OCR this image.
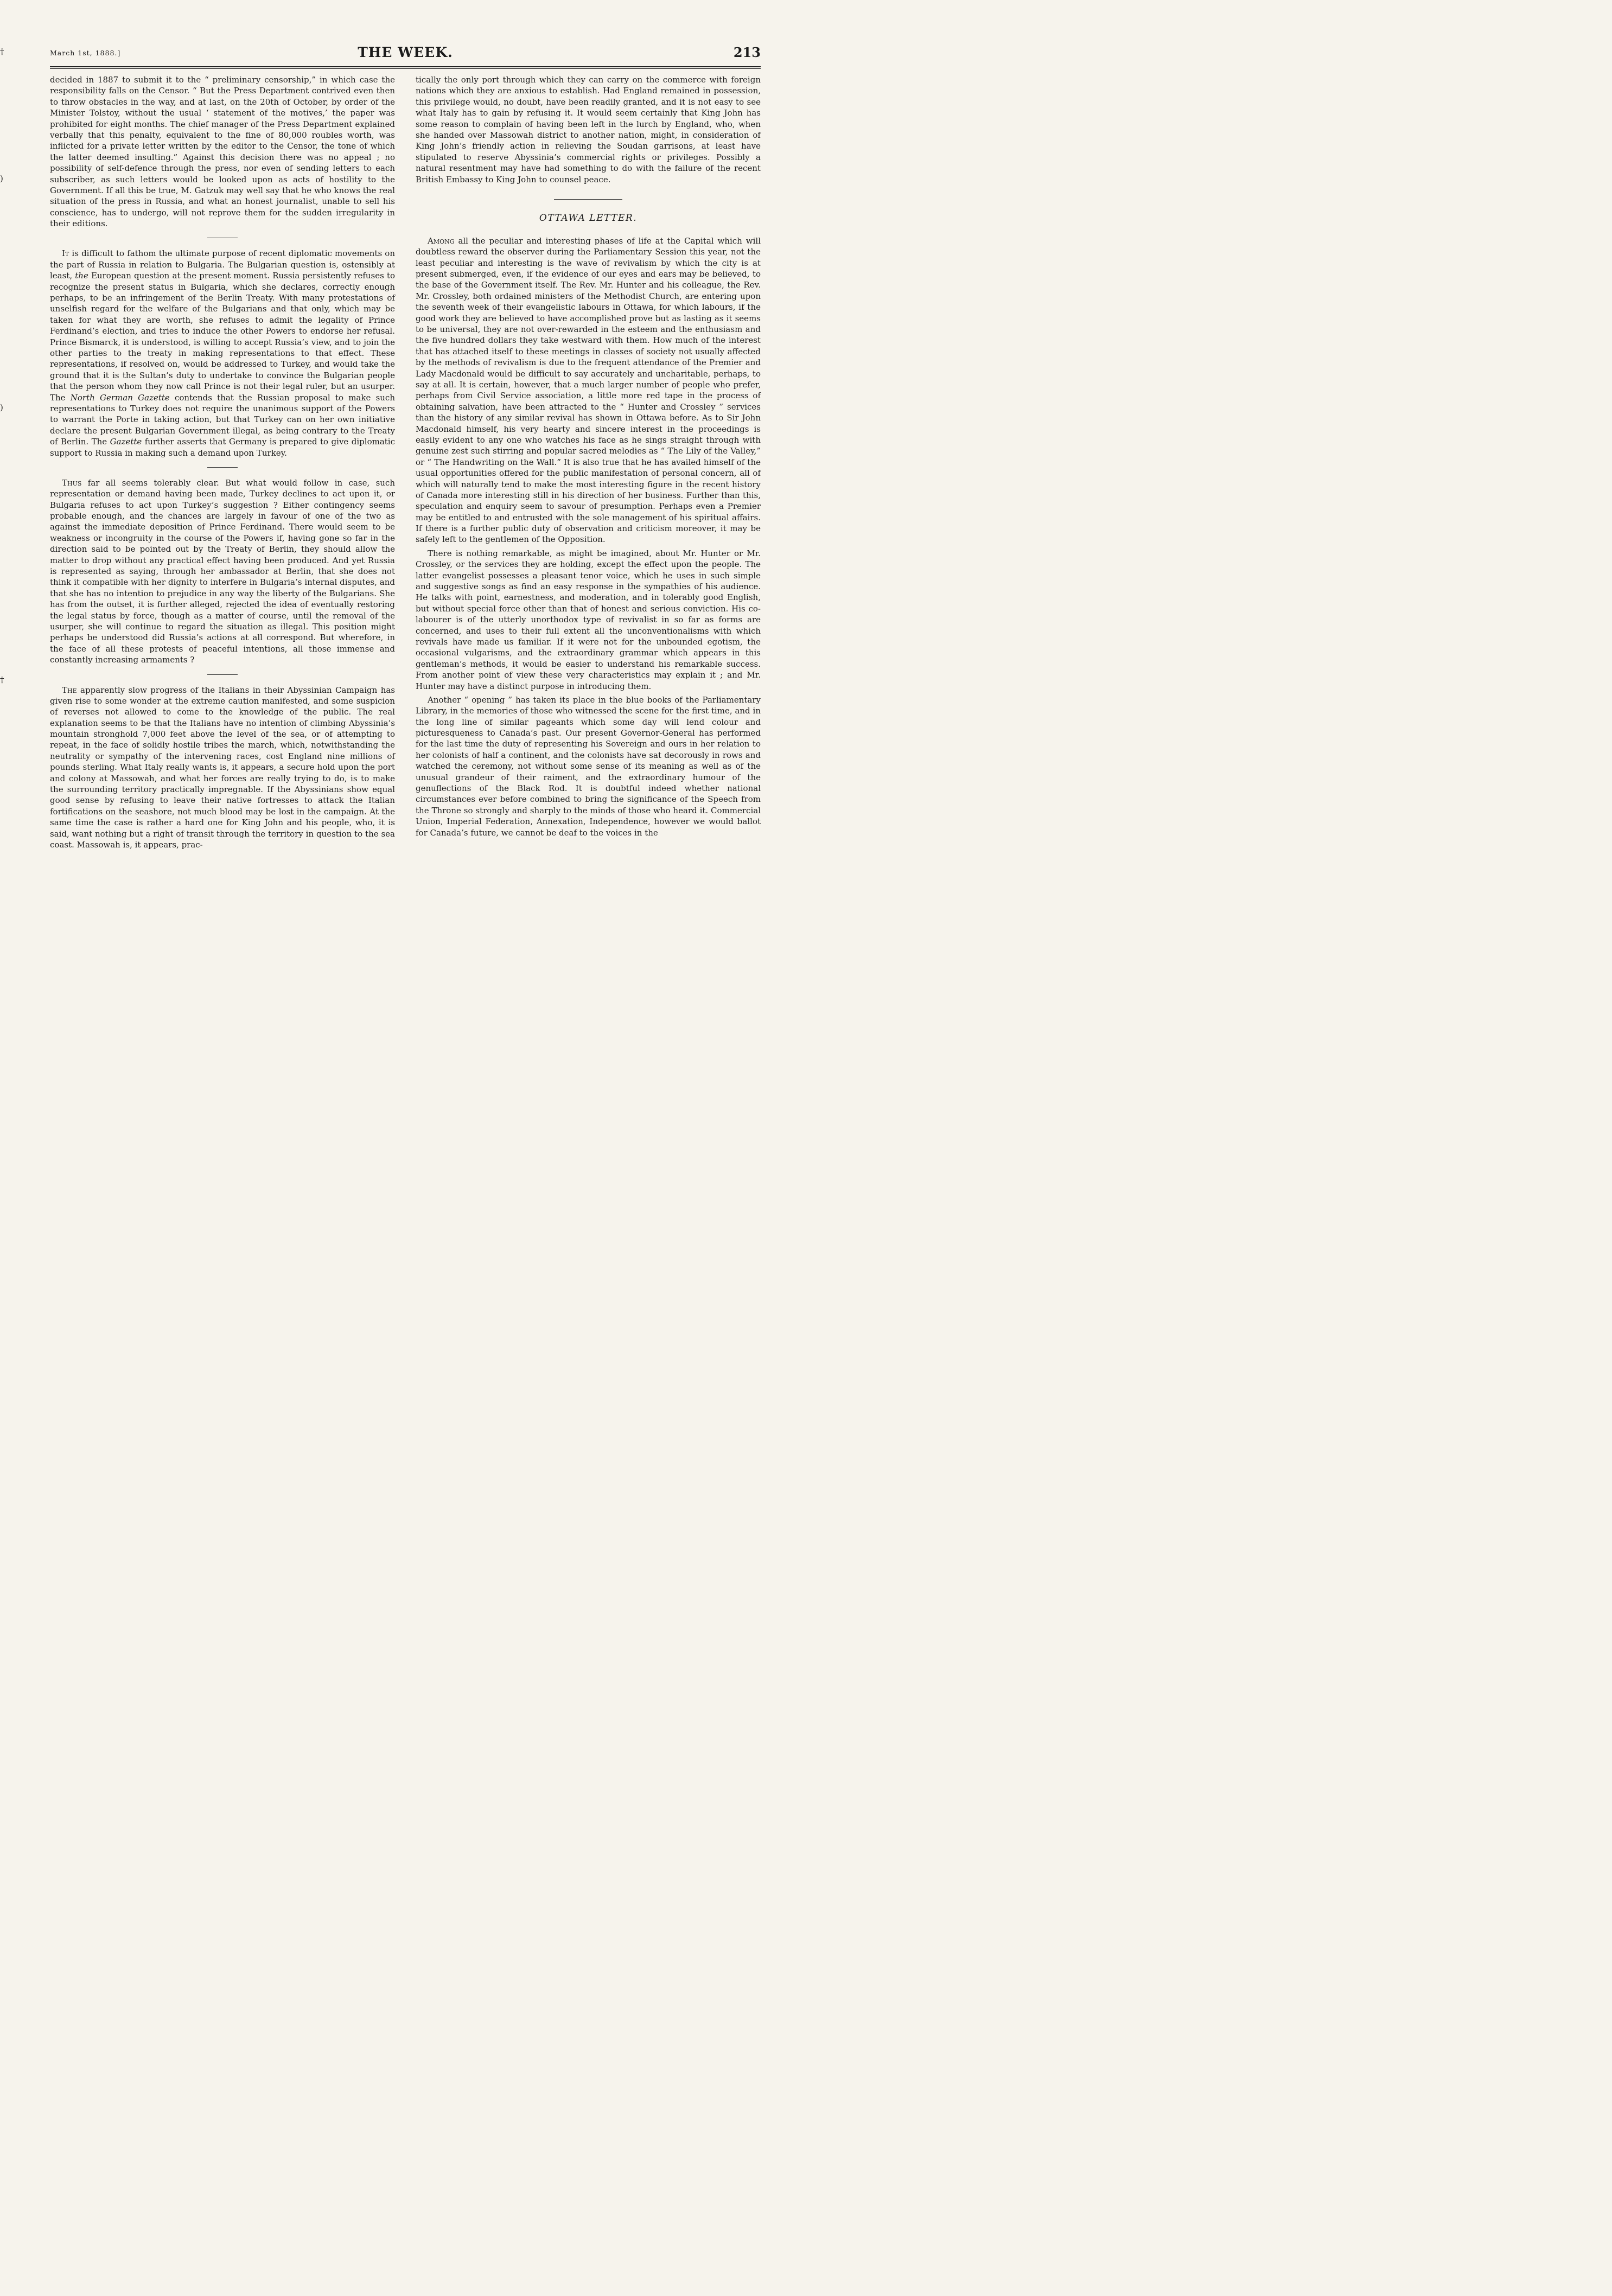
†
)
)
†
March 1st, 1888.]	THE WEEK.	213

decided in 1887 to submit it to the “ preliminary censorship,” in which case the responsibility falls on the Censor. “ But the Press Department contrived even then to throw obstacles in the way, and at last, on the 20th of October, by order of the Minister Tolstoy, without the usual ‘ statement of the motives,’ the paper was prohibited for eight months. The chief manager of the Press Department explained verbally that this penalty, equivalent to the fine of 80,000 roubles worth, was inflicted for a private letter written by the editor to the Censor, the tone of which the latter deemed insulting.” Against this decision there was no appeal ; no possibility of self-defence through the press, nor even of sending letters to each subscriber, as such letters would be looked upon as acts of hostility to the Government. If all this be true, M. Gatzuk may well say that he who knows the real situation of the press in Russia, and what an honest journalist, unable to sell his conscience, has to undergo, will not reprove them for the sudden irregularity in their editions.

It is difficult to fathom the ultimate purpose of recent diplomatic movements on the part of Russia in relation to Bulgaria. The Bulgarian question is, ostensibly at least, the European question at the present moment. Russia persistently refuses to recognize the present status in Bulgaria, which she declares, correctly enough perhaps, to be an infringement of the Berlin Treaty. With many protestations of unselfish regard for the welfare of the Bulgarians and that only, which may be taken for what they are worth, she refuses to admit the legality of Prince Ferdinand’s election, and tries to induce the other Powers to endorse her refusal. Prince Bismarck, it is understood, is willing to accept Russia’s view, and to join the other parties to the treaty in making representations to that effect. These representations, if resolved on, would be addressed to Turkey, and would take the ground that it is the Sultan’s duty to undertake to convince the Bulgarian people that the person whom they now call Prince is not their legal ruler, but an usurper. The North German Gazette contends that the Russian proposal to make such representations to Turkey does not require the unanimous support of the Powers to warrant the Porte in taking action, but that Turkey can on her own initiative declare the present Bulgarian Government illegal, as being contrary to the Treaty of Berlin. The Gazette further asserts that Germany is prepared to give diplomatic support to Russia in making such a demand upon Turkey.

Thus far all seems tolerably clear. But what would follow in case, such representation or demand having been made, Turkey declines to act upon it, or Bulgaria refuses to act upon Turkey’s suggestion ? Either contingency seems probable enough, and the chances are largely in favour of one of the two as against the immediate deposition of Prince Ferdinand. There would seem to be weakness or incongruity in the course of the Powers if, having gone so far in the direction said to be pointed out by the Treaty of Berlin, they should allow the matter to drop without any practical effect having been produced. And yet Russia is represented as saying, through her ambassador at Berlin, that she does not think it compatible with her dignity to interfere in Bulgaria’s internal disputes, and that she has no intention to prejudice in any way the liberty of the Bulgarians. She has from the outset, it is further alleged, rejected the idea of eventually restoring the legal status by force, though as a matter of course, until the removal of the usurper, she will continue to regard the situation as illegal. This position might perhaps be understood did Russia’s actions at all correspond. But wherefore, in the face of all these protests of peaceful intentions, all those immense and constantly increasing armaments ?

The apparently slow progress of the Italians in their Abyssinian Campaign has given rise to some wonder at the extreme caution manifested, and some suspicion of reverses not allowed to come to the knowledge of the public. The real explanation seems to be that the Italians have no intention of climbing Abyssinia’s mountain stronghold 7,000 feet above the level of the sea, or of attempting to repeat, in the face of solidly hostile tribes the march, which, notwithstanding the neutrality or sympathy of the intervening races, cost England nine millions of pounds sterling. What Italy really wants is, it appears, a secure hold upon the port and colony at Massowah, and what her forces are really trying to do, is to make the surrounding territory practically impregnable. If the Abyssinians show equal good sense by refusing to leave their native fortresses to attack the Italian fortifications on the seashore, not much blood may be lost in the campaign. At the same time the case is rather a hard one for King John and his people, who, it is said, want nothing but a right of transit through the territory in question to the sea coast. Massowah is, it appears, prac-

tically the only port through which they can carry on the commerce with foreign nations which they are anxious to establish. Had England remained in possession, this privilege would, no doubt, have been readily granted, and it is not easy to see what Italy has to gain by refusing it. It would seem certainly that King John has some reason to complain of having been left in the lurch by England, who, when she handed over Massowah district to another nation, might, in consideration of King John’s friendly action in relieving the Soudan garrisons, at least have stipulated to reserve Abyssinia’s commercial rights or privileges. Possibly a natural resentment may have had something to do with the failure of the recent British Embassy to King John to counsel peace.

OTTAWA LETTER.

Among all the peculiar and interesting phases of life at the Capital which will doubtless reward the observer during the Parliamentary Session this year, not the least peculiar and interesting is the wave of revivalism by which the city is at present submerged, even, if the evidence of our eyes and ears may be believed, to the base of the Government itself. The Rev. Mr. Hunter and his colleague, the Rev. Mr. Crossley, both ordained ministers of the Methodist Church, are entering upon the seventh week of their evangelistic labours in Ottawa, for which labours, if the good work they are believed to have accomplished prove but as lasting as it seems to be universal, they are not over-rewarded in the esteem and the enthusiasm and the five hundred dollars they take westward with them. How much of the interest that has attached itself to these meetings in classes of society not usually affected by the methods of revivalism is due to the frequent attendance of the Premier and Lady Macdonald would be difficult to say accurately and uncharitable, perhaps, to say at all. It is certain, however, that a much larger number of people who prefer, perhaps from Civil Service association, a little more red tape in the process of obtaining salvation, have been attracted to the “ Hunter and Crossley ” services than the history of any similar revival has shown in Ottawa before. As to Sir John Macdonald himself, his very hearty and sincere interest in the proceedings is easily evident to any one who watches his face as he sings straight through with genuine zest such stirring and popular sacred melodies as “ The Lily of the Valley,” or “ The Handwriting on the Wall.” It is also true that he has availed himself of the usual opportunities offered for the public manifestation of personal concern, all of which will naturally tend to make the most interesting figure in the recent history of Canada more interesting still in his direction of her business. Further than this, speculation and enquiry seem to savour of presumption. Perhaps even a Premier may be entitled to and entrusted with the sole management of his spiritual affairs. If there is a further public duty of observation and criticism moreover, it may be safely left to the gentlemen of the Opposition.

There is nothing remarkable, as might be imagined, about Mr. Hunter or Mr. Crossley, or the services they are holding, except the effect upon the people. The latter evangelist possesses a pleasant tenor voice, which he uses in such simple and suggestive songs as find an easy response in the sympathies of his audience. He talks with point, earnestness, and moderation, and in tolerably good English, but without special force other than that of honest and serious conviction. His co-labourer is of the utterly unorthodox type of revivalist in so far as forms are concerned, and uses to their full extent all the unconventionalisms with which revivals have made us familiar. If it were not for the unbounded egotism, the occasional vulgarisms, and the extraordinary grammar which appears in this gentleman’s methods, it would be easier to understand his remarkable success. From another point of view these very characteristics may explain it ; and Mr. Hunter may have a distinct purpose in introducing them.

Another “ opening ” has taken its place in the blue books of the Parliamentary Library, in the memories of those who witnessed the scene for the first time, and in the long line of similar pageants which some day will lend colour and picturesqueness to Canada’s past. Our present Governor-General has performed for the last time the duty of representing his Sovereign and ours in her relation to her colonists of half a continent, and the colonists have sat decorously in rows and watched the ceremony, not without some sense of its meaning as well as of the unusual grandeur of their raiment, and the extraordinary humour of the genuflections of the Black Rod. It is doubtful indeed whether national circumstances ever before combined to bring the significance of the Speech from the Throne so strongly and sharply to the minds of those who heard it. Commercial Union, Imperial Federation, Annexation, Independence, however we would ballot for Canada’s future, we cannot be deaf to the voices in the
